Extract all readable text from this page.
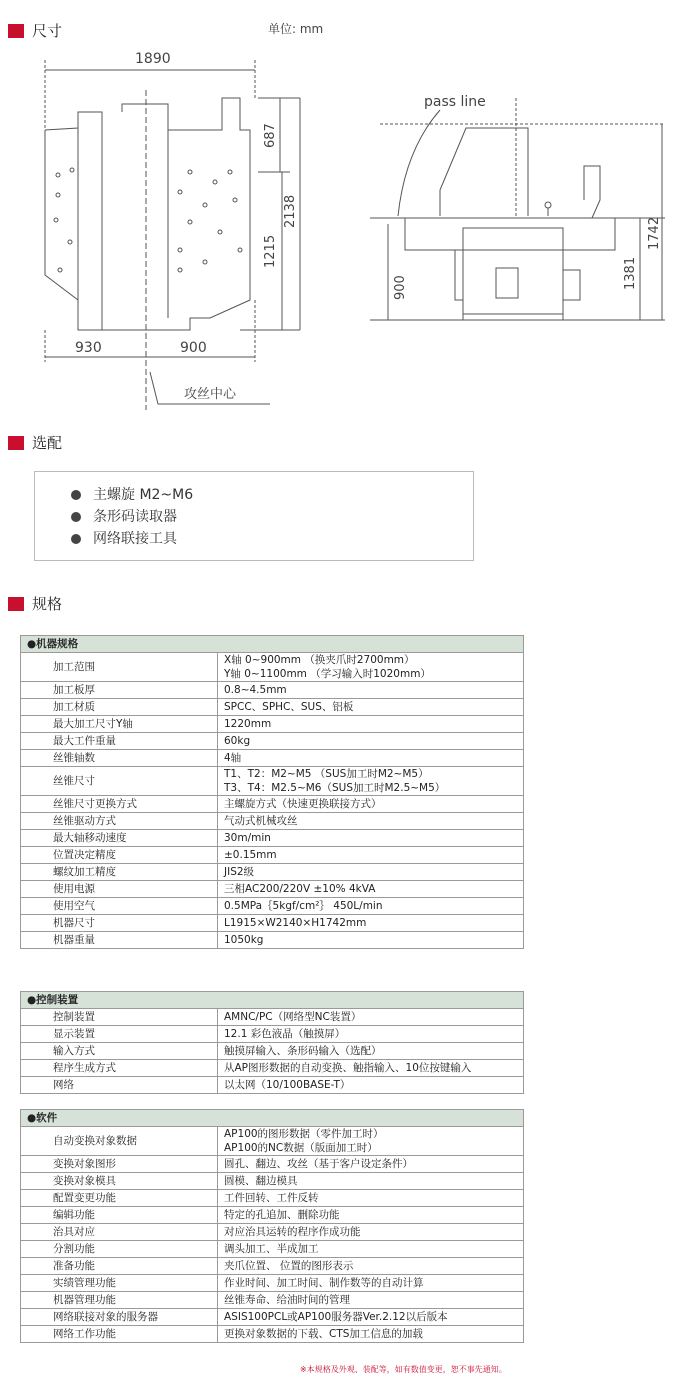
尺寸	单位: mm
1890
687
2138
1215
930	900
攻丝中心
pass line
900	1381
1742
选配
主螺旋 M2~M6
条形码读取器
网络联接工具
规格
●机器规格	
加工范围	X轴 0~900mm （换夹爪时2700mm）
Y轴 0~1100mm （学习输入时1020mm）

加工板厚	0.8~4.5mm

加工材质	SPCC、SPHC、SUS、铝板

最大加工尺寸Y轴	1220mm

最大工件重量	60kg

丝锥轴数	4轴

丝锥尺寸	T1、T2：M2~M5 （SUS加工时M2~M5）
T3、T4：M2.5~M6（SUS加工时M2.5~M5）

丝锥尺寸更换方式	主螺旋方式（快速更换联接方式）

丝锥驱动方式	气动式机械攻丝

最大轴移动速度	30m/min

位置决定精度	±0.15mm

螺纹加工精度	JIS2级

使用电源	三相AC200/220V ±10% 4kVA

使用空气	0.5MPa｛5kgf/cm²｝ 450L/min

机器尺寸	L1915×W2140×H1742mm

机器重量	1050kg
●控制装置	
控制装置	AMNC/PC（网络型NC装置）

显示装置	12.1 彩色液晶（触摸屏）

输入方式	触摸屏输入、条形码输入（选配）

程序生成方式	从AP图形数据的自动变换、触指输入、10位按键输入

网络	以太网（10/100BASE-T）
●软件	
自动变换对象数据	AP100的图形数据（零件加工时）
AP100的NC数据（版面加工时）

变换对象图形	圆孔、翻边、攻丝（基于客户设定条件）

变换对象模具	圆模、翻边模具

配置变更功能	工件回转、工件反转

编辑功能	特定的孔追加、删除功能

治具对应	对应治具运转的程序作成功能

分割功能	调头加工、半成加工

准备功能	夹爪位置、 位置的图形表示

实绩管理功能	作业时间、加工时间、制作数等的自动计算

机器管理功能	丝锥寿命、给油时间的管理

网络联接对象的服务器	ASIS100PCL或AP100服务器Ver.2.12以后版本

网络工作功能	更换对象数据的下载、CTS加工信息的加载
※本规格及外观、装配等，如有数值变更，恕不事先通知。
